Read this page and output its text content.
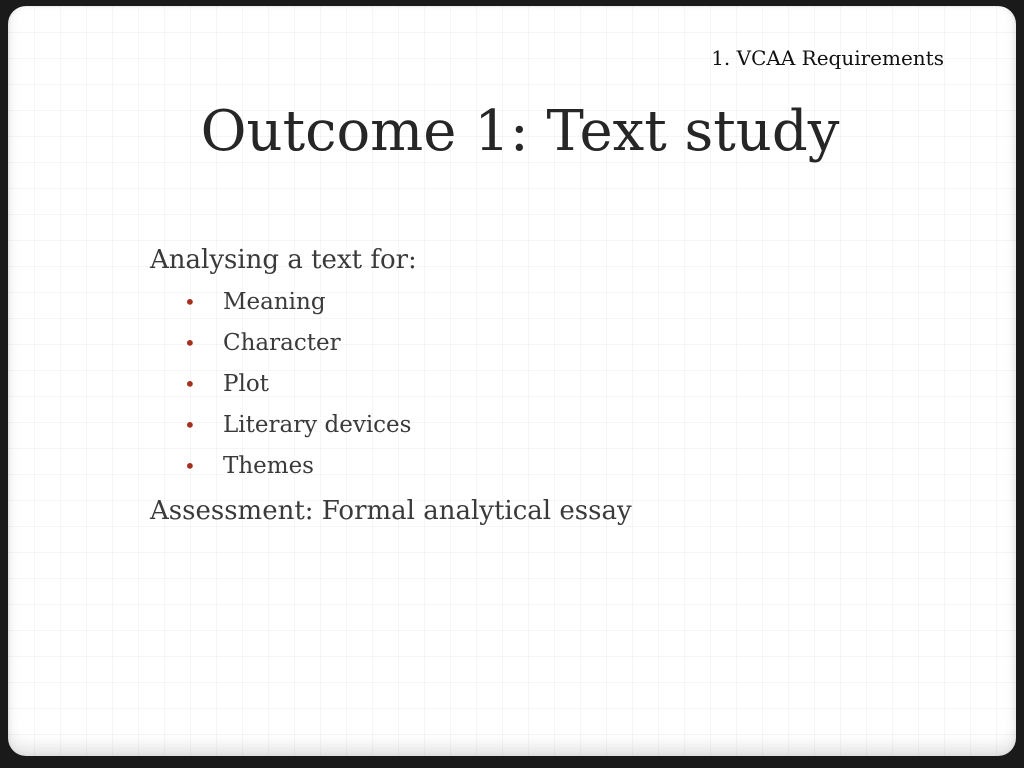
1. VCAA Requirements
Outcome 1: Text study
Analysing a text for:
• Meaning
• Character
• Plot
• Literary devices
• Themes
Assessment: Formal analytical essay
